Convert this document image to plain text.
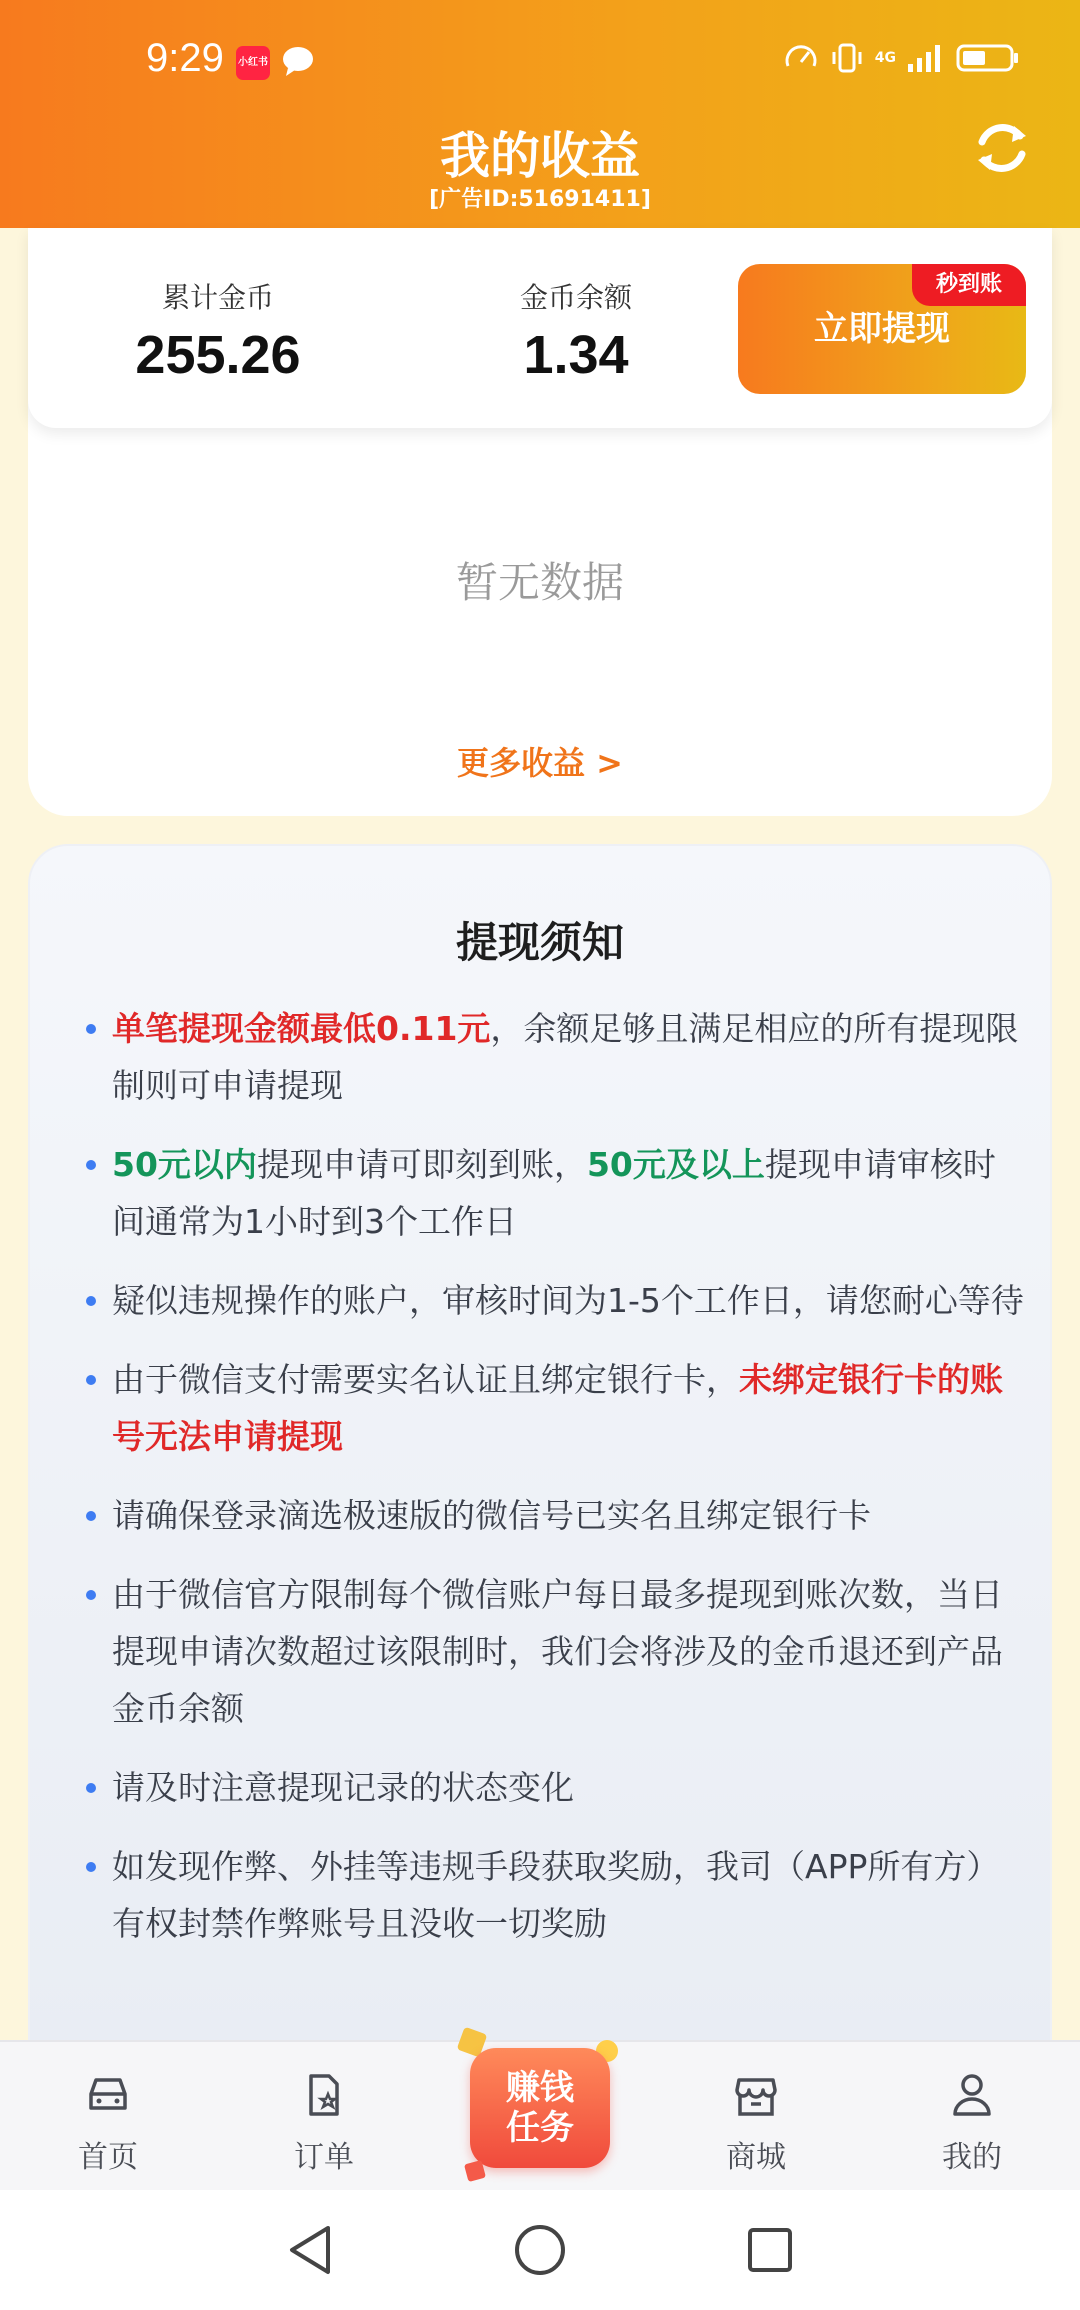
9:29 小红书	4G
我的收益
[广告ID:51691411]
暂无数据
更多收益 >
累计金币
255.26
金币余额
1.34	立即提现
秒到账
提现须知
单笔提现金额最低0.11元，余额足够且满足相应的所有提现限制则可申请提现
50元以内提现申请可即刻到账，50元及以上提现申请审核时间通常为1小时到3个工作日
疑似违规操作的账户，审核时间为1-5个工作日，请您耐心等待
由于微信支付需要实名认证且绑定银行卡，未绑定银行卡的账号无法申请提现
请确保登录滴选极速版的微信号已实名且绑定银行卡
由于微信官方限制每个微信账户每日最多提现到账次数，当日提现申请次数超过该限制时，我们会将涉及的金币退还到产品金币余额
请及时注意提现记录的状态变化
如发现作弊、外挂等违规手段获取奖励，我司（APP所有方）有权封禁作弊账号且没收一切奖励
首页	订单	商城	我的
赚钱
任务
